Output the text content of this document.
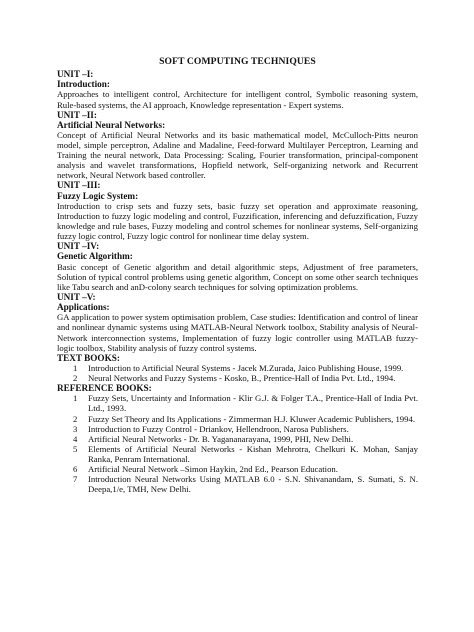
SOFT COMPUTING TECHNIQUES
UNIT –I:
Introduction:
Approaches to intelligent control, Architecture for intelligent control, Symbolic reasoning system, Rule-based systems, the AI approach, Knowledge representation - Expert systems.
UNIT –II:
Artificial Neural Networks:
Concept of Artificial Neural Networks and its basic mathematical model, McCulloch-Pitts neuron model, simple perceptron, Adaline and Madaline, Feed-forward Multilayer Perceptron, Learning and Training the neural network, Data Processing: Scaling, Fourier transformation, principal-component analysis and wavelet transformations, Hopfield network, Self-organizing network and Recurrent network, Neural Network based controller.
UNIT –III:
Fuzzy Logic System:
Introduction to crisp sets and fuzzy sets, basic fuzzy set operation and approximate reasoning, Introduction to fuzzy logic modeling and control, Fuzzification, inferencing and defuzzification, Fuzzy knowledge and rule bases, Fuzzy modeling and control schemes for nonlinear systems, Self-organizing fuzzy logic control, Fuzzy logic control for nonlinear time delay system.
UNIT –IV:
Genetic Algorithm:
Basic concept of Genetic algorithm and detail algorithmic steps, Adjustment of free parameters, Solution of typical control problems using genetic algorithm, Concept on some other search techniques like Tabu search and anD-colony search techniques for solving optimization problems.
UNIT –V:
Applications:
GA application to power system optimisation problem, Case studies: Identification and control of linear and nonlinear dynamic systems using MATLAB-Neural Network toolbox, Stability analysis of Neural-Network interconnection systems, Implementation of fuzzy logic controller using MATLAB fuzzy-logic toolbox, Stability analysis of fuzzy control systems.
TEXT BOOKS:
1	Introduction to Artificial Neural Systems - Jacek M.Zurada, Jaico Publishing House, 1999.
2	Neural Networks and Fuzzy Systems - Kosko, B., Prentice-Hall of India Pvt. Ltd., 1994.
REFERENCE BOOKS:
1	Fuzzy Sets, Uncertainty and Information - Klir G.J. & Folger T.A., Prentice-Hall of India Pvt. Ltd., 1993.
2	Fuzzy Set Theory and Its Applications - Zimmerman H.J. Kluwer Academic Publishers, 1994.
3	Introduction to Fuzzy Control - Driankov, Hellendroon, Narosa Publishers.
4	Artificial Neural Networks - Dr. B. Yagananarayana, 1999, PHI, New Delhi.
5	Elements of Artificial Neural Networks - Kishan Mehrotra, Chelkuri K. Mohan, Sanjay Ranka, Penram International.
6	Artificial Neural Network –Simon Haykin, 2nd Ed., Pearson Education.
7	Introduction Neural Networks Using MATLAB 6.0 - S.N. Shivanandam, S. Sumati, S. N. Deepa,1/e, TMH, New Delhi.
